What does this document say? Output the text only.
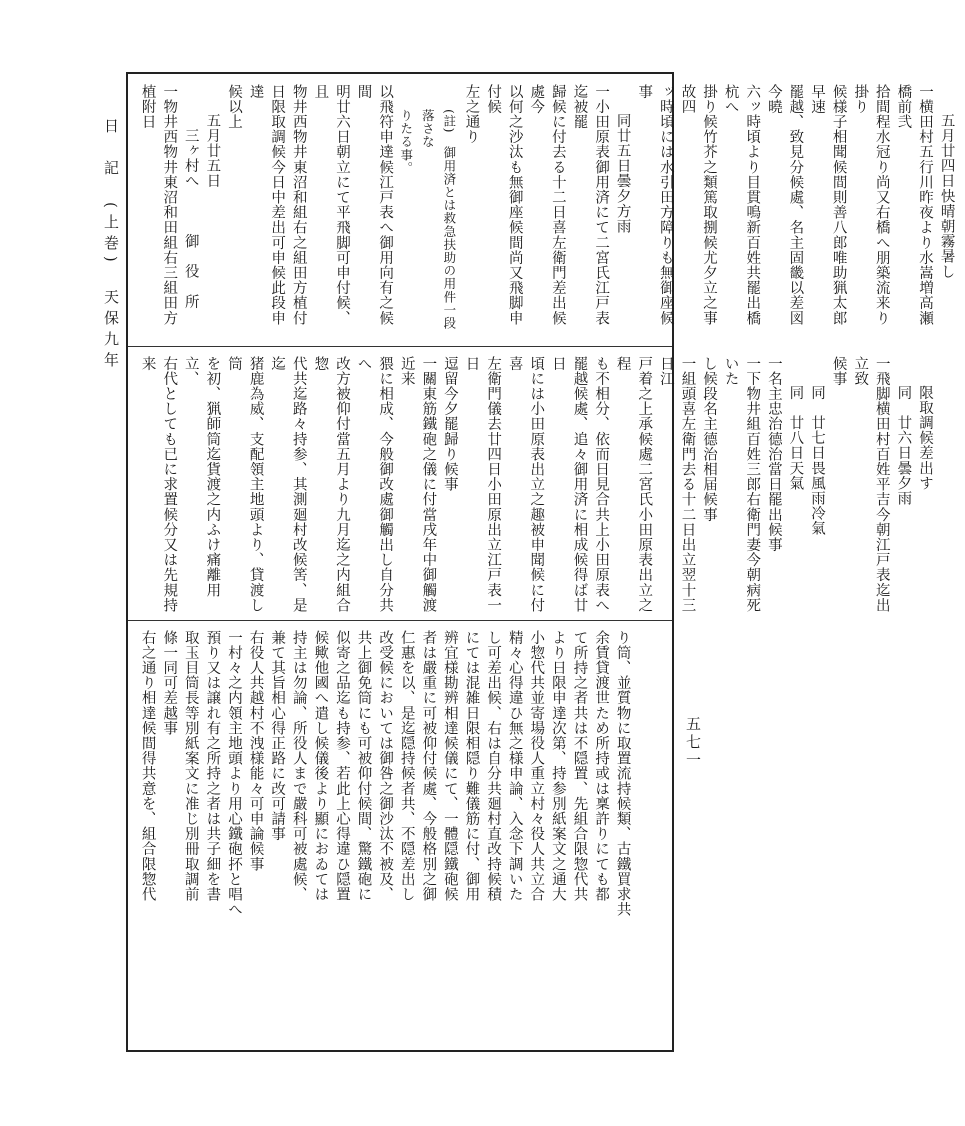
日　記　(上巻)　天保九年
五七一
五月廿四日快晴朝霧暑し
一横田村五行川昨夜より水嵩増高瀬橋前弐
拾間程水冠り尚又右橋へ朋築流来り掛り
候様子相聞候間則善八郎唯助猟太郎早速
罷越、致見分候處、名主固畿以差図今曉
六ッ時頃より目貫鳴新百姓共罷出橋杭へ
掛り候竹芥之類篤取捌候尤夕立之事故四
ッ時頃には水引田方障りも無御座候事
同廿五日曇夕方雨
一小田原表御用済にて二宮氏江戸表迄被罷
歸候に付去る十二日喜左衛門差出候處今
以何之沙汰も無御座候間尚又飛脚申付候
左之通り
(註)　御用済とは救急扶助の用件一段落さな
りたる事。
以飛符申達候江戸表へ御用向有之候間
明廿六日朝立にて平飛脚可申付候、且
物井西物井東沼和組右之組田方植付
日限取調候今日中差出可申候此段申達
候以上
五月廿五日
三ヶ村へ　　　御　役　所
一物井西物井東沼和田組右三組田方植附日
限取調候差出す
同　廿六日曇夕雨
一飛脚横田村百姓平吉今朝江戸表迄出立致
候事
同　廿七日畏風雨冷氣
同　廿八日天氣
一名主忠治德治當日罷出候事
一下物井組百姓三郎右衛門妻今朝病死いた
し候段名主德治相届候事
一組頭喜左衛門去る十二日出立翌十三日江
戸着之上承候處二宮氏小田原表出立之程
も不相分、依而日見合共上小田原表へ
罷越候處、追々御用済に相成候得ば廿日
頃には小田原表出立之趣被申聞候に付喜
左衛門儀去廿四日小田原出立江戸表一日
逗留今夕罷歸り候事
一關東筋鐵砲之儀に付當戌年中御觸渡近来
猥に相成、今般御改處御觸出し自分共へ
改方被仰付當五月より九月迄之内組合惣
代共迄路々持参、其測廻村改候筈、是迄
猪鹿為威、支配領主地頭より、貸渡し筒
を初、猟師筒迄貨渡之内ふけ痛離用立、
右代としても已に求置候分又は先規持来
り筒、並質物に取置流持候類、古鐵買求共
余賃貸渡世ため所持或は稟許りにても都
て所持之者共は不隠置、先組合限惣代共
より日限申達次第、持参別紙案文之通大
小惣代共並寄場役人重立村々役人共立合
精々心得違ひ無之様申論、入念下調いた
し可差出候、右は自分共廻村直改持候積
にては混雑日限相隠り難儀筋に付、御用
辨宜様勘辨相達候儀にて、一體隠鐵砲候
者は嚴重に可被仰付候處、今般格別之御
仁惠を以、是迄隠持候者共、不隠差出し
改受候においては御咎之御沙汰不被及、
共上御免筒にも可被仰付候間、驚鐵砲に
似寄之品迄も持参、若此上心得違ひ隠置
候歟他國へ遣し候儀後より顯におゐては
持主は勿論、所役人まで嚴科可被處候、
兼て其旨相心得正路に改可請事
右役人共越村不洩様能々可申論候事
一村々之内領主地頭より用心鐵砲抔と唱へ
預り又は譲れ有之所持之者は共子細を書
取玉目筒長等別紙案文に准じ別冊取調前
條一同可差越事
右之通り相達候間得共意を、組合限惣代
